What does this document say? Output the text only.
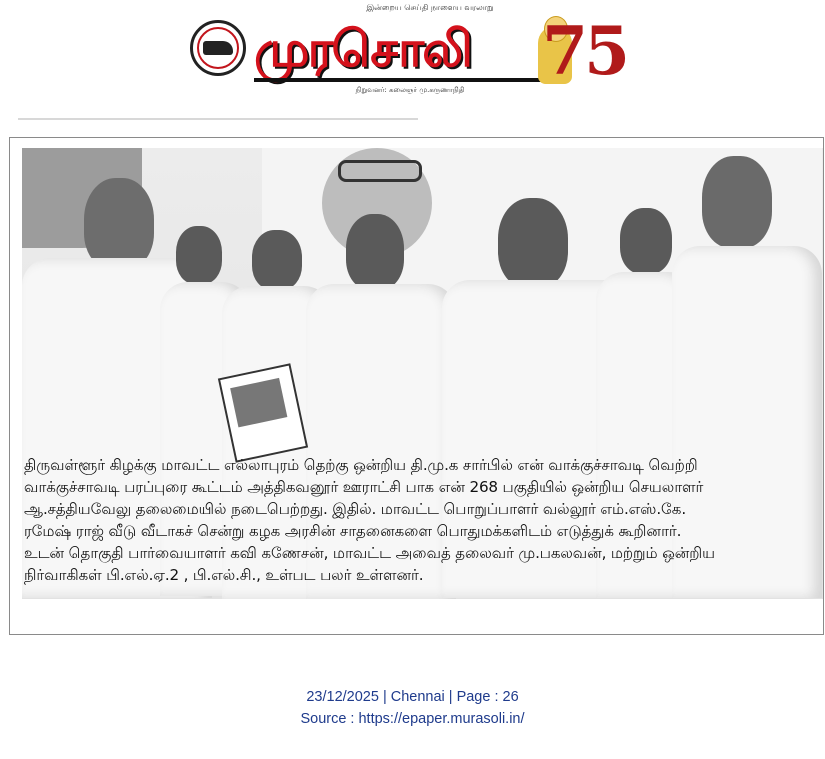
இன்றைய செய்தி நாளைய வரலாறு
முரசொலி
நிறுவனர்: கலைஞர் மு.கருணாநிதி 75
திருவள்ளூர் கிழக்கு மாவட்ட எல்லாபுரம் தெற்கு ஒன்றிய தி.மு.க சார்பில் என் வாக்குச்சாவடி வெற்றி
வாக்குச்சாவடி பரப்புரை கூட்டம் அத்திகவனூர் ஊராட்சி பாக என் 268 பகுதியில் ஒன்றிய செயலாளர்
ஆ.சத்தியவேலு தலைமையில் நடைபெற்றது. இதில். மாவட்ட பொறுப்பாளர் வல்லூர் எம்.எஸ்.கே.
ரமேஷ் ராஜ் வீடு வீடாகச் சென்று கழக அரசின் சாதனைகளை பொதுமக்களிடம் எடுத்துக் கூறினார்.
உடன் தொகுதி பார்வையாளர் கவி கணேசன், மாவட்ட அவைத் தலைவர் மு.பகலவன், மற்றும் ஒன்றிய
நிர்வாகிகள் பி.எல்.ஏ.2 , பி.எல்.சி., உள்பட பலர் உள்ளனர்.
23/12/2025 | Chennai | Page : 26
Source : https://epaper.murasoli.in/
